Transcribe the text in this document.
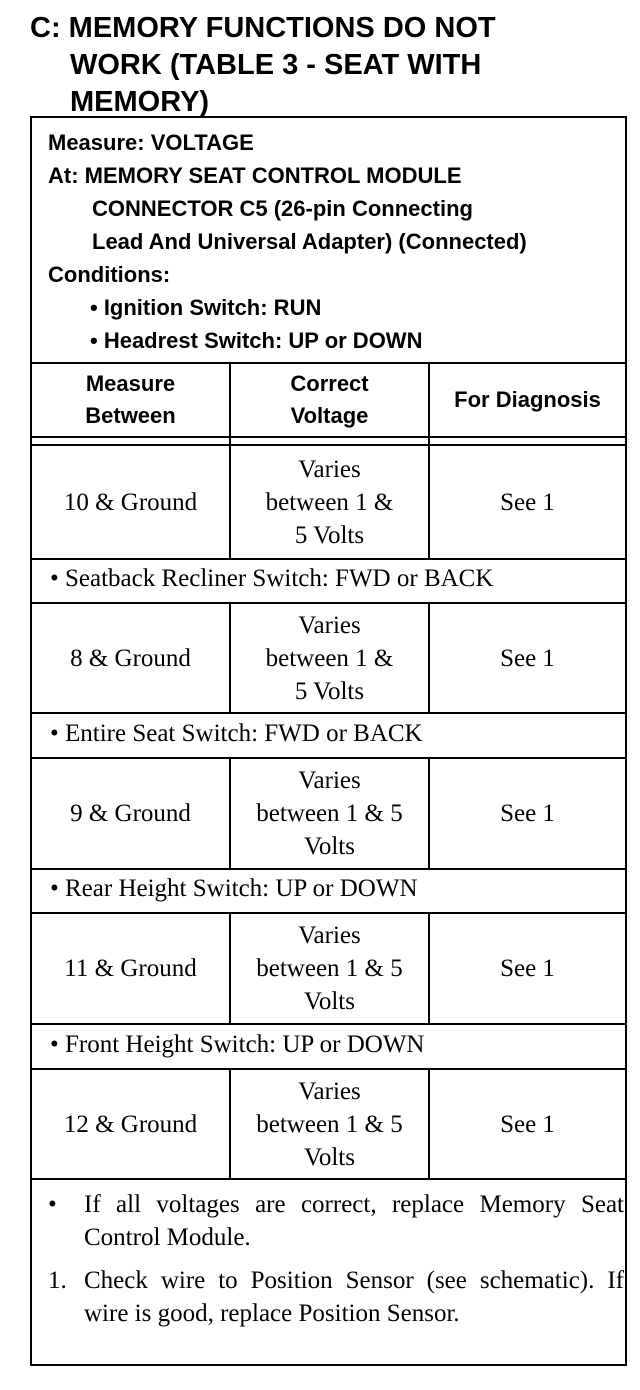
C: MEMORY FUNCTIONS DO NOT
WORK (TABLE 3 - SEAT WITH
MEMORY)
Measure: VOLTAGE
At: MEMORY SEAT CONTROL MODULE
CONNECTOR C5 (26-pin Connecting
Lead And Universal Adapter) (Connected)
Conditions:
• Ignition Switch: RUN
• Headrest Switch: UP or DOWN
Measure
Between
Correct
Voltage
For Diagnosis
10 & Ground
Varies
between 1 &
5 Volts
See 1
• Seatback Recliner Switch: FWD or BACK
8 & Ground
Varies
between 1 &
5 Volts
See 1
• Entire Seat Switch: FWD or BACK
9 & Ground
Varies
between 1 & 5
Volts
See 1
• Rear Height Switch: UP or DOWN
11 & Ground
Varies
between 1 & 5
Volts
See 1
• Front Height Switch: UP or DOWN
12 & Ground
Varies
between 1 & 5
Volts
See 1
• If all voltages are correct, replace Memory Seat Control Module.
1. Check wire to Position Sensor (see schematic). If wire is good, replace Position Sensor.
